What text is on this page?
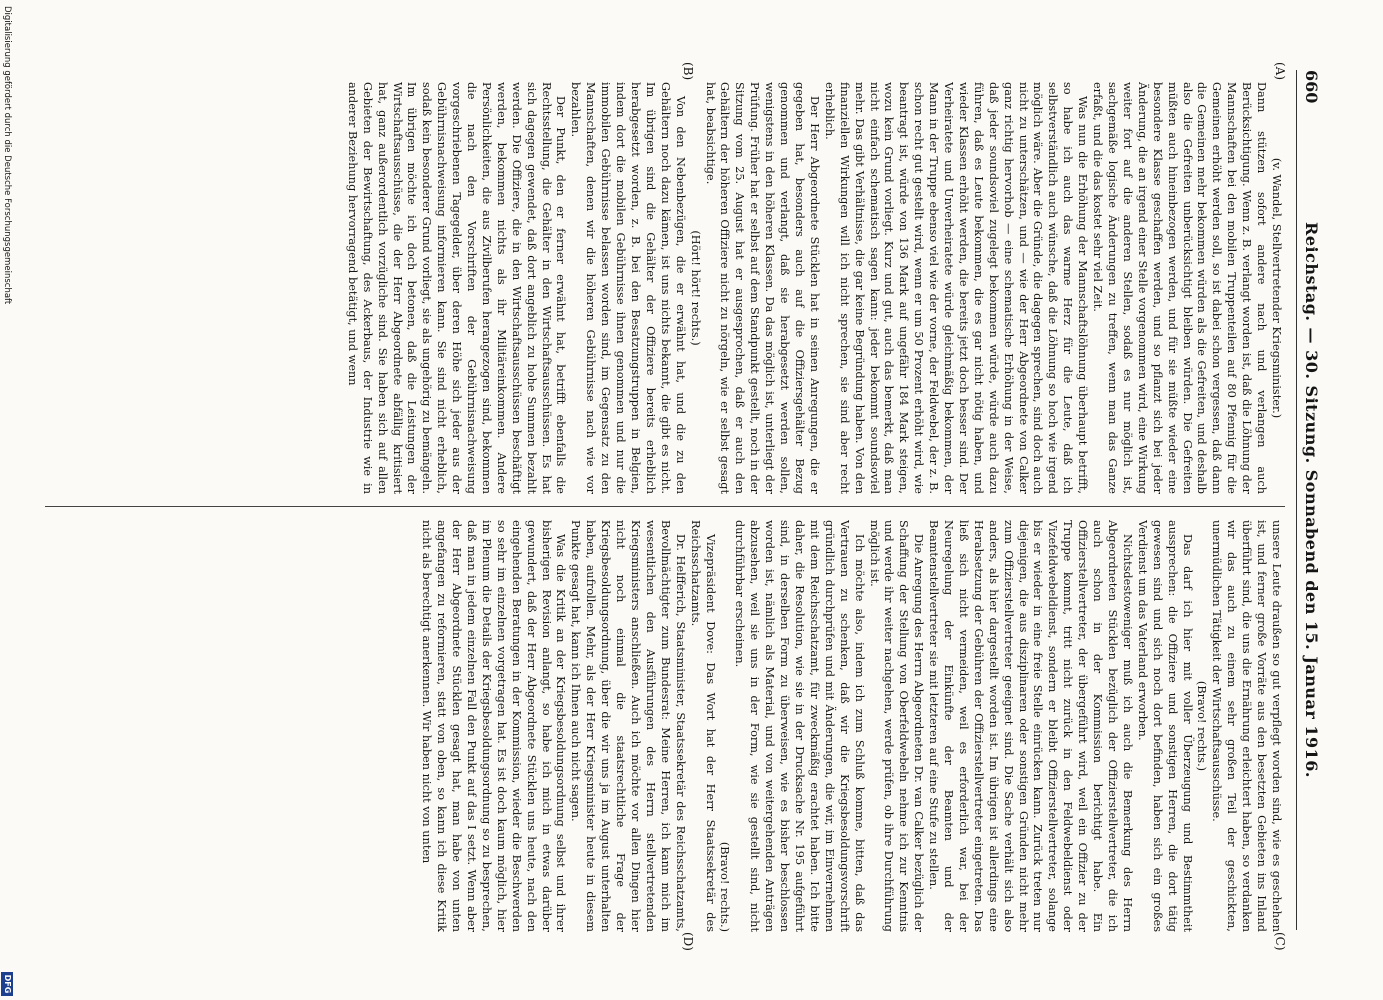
660
Reichstag. — 30. Sitzung. Sonnabend den 15. Januar 1916.
(A)
(B)
(C)
(D)

(v. Wandel, Stellvertretender Kriegsminister.)

Dann stützen sofort andere nach und verlangen auch Berücksichtigung. Wenn z. B. verlangt worden ist, daß die Löhnung der Mannschaften bei den mobilen Truppenteilen auf 80 Pfennig für die Gemeinen erhöht werden soll, so ist dabei schon vergessen, daß dann die Gemeinen mehr bekommen würden als die Gefreiten, und deshalb also die Gefreiten unberücksichtigt bleiben würden. Die Gefreiten müßten auch hineinbezogen werden, und für sie müßte wieder eine besondere Klasse geschaffen werden, und so pflanzt sich bei jeder Änderung, die an irgend einer Stelle vorgenommen wird, eine Wirkung weiter fort auf die anderen Stellen, sodaß es nur möglich ist, sachgemäße logische Änderungen zu treffen, wenn man das Ganze erfaßt, und die das kostet sehr viel Zeit.

Was nun die Erhöhung der Mannschaftslöhnung überhaupt betrifft, so habe ich auch das warme Herz für die Leute, daß ich selbstverständlich auch wünsche, daß die Löhnung so hoch wie irgend möglich wäre. Aber die Gründe, die dagegen sprechen, sind doch auch nicht zu unterschätzen, und — wie der Herr Abgeordnete von Calker ganz richtig hervorhob — eine schematische Erhöhung in der Weise, daß jeder soundsoviel zugelegt bekommen würde, würde auch dazu führen, daß es Leute bekommen, die es gar nicht nötig haben, und wieder Klassen erhöht werden, die bereits jetzt doch besser sind. Der Verheiratete und Unverheiratete würde gleichmäßig bekommen, der Mann in der Truppe ebenso viel wie der vorne, der Feldwebel, der z. B. schon recht gut gestellt wird, wenn er um 50 Prozent erhöht wird, wie beantragt ist, würde von 136 Mark auf ungefähr 184 Mark steigen, wozu kein Grund vorliegt. Kurz und gut, auch das bemerkt, daß man nicht einfach schematisch sagen kann: jeder bekommt soundsoviel mehr. Das gibt Verhältnisse, die gar keine Begründung haben. Von den finanziellen Wirkungen will ich nicht sprechen, sie sind aber recht erheblich.

Der Herr Abgeordnete Stücklen hat in seinen Anregungen, die er gegeben hat, besonders auch auf die Offiziersgehälter Bezug genommen und verlangt, daß sie herabgesetzt werden sollen, wenigstens in den höheren Klassen. Da das möglich ist, unterliegt der Prüfung. Früher hat er selbst auf dem Standpunkt gestellt, noch in der Sitzung vom 25. August hat er ausgesprochen, daß er auch den Gehältern der höheren Offiziere nicht zu nörgeln, wie er selbst gesagt hat, beabsichtige.

(Hört! hört! rechts.)

Von den Nebenbezügen, die er erwähnt hat, und die zu den Gehältern noch dazu kämen, ist uns nichts bekannt, die gibt es nicht. Im übrigen sind die Gehälter der Offiziere bereits erheblich herabgesetzt worden, z. B. bei den Besatzungstruppen in Belgien, indem dort die mobilen Gebührnisse ihnen genommen und nur die immobilen Gebührnisse belassen worden sind, im Gegensatz zu den Mannschaften, denen wir die höheren Gebührnisse nach wie vor bezahlen.

Der Punkt, den er ferner erwähnt hat, betrifft ebenfalls die Rechtsstellung, die Gehälter in den Wirtschaftsausschüssen. Es hat sich dagegen gewendet, daß dort angeblich zu hohe Summen bezahlt werden. Die Offiziere, die in den Wirtschaftsausschüssen beschäftigt werden, bekommen nichts als ihr Militäreinkommen. Andere Persönlichkeiten, die aus Zivilberufen herangezogen sind, bekommen die nach den Vorschriften der Gebührnisnachweisung vorgeschriebenen Tagegelder, über deren Höhe sich jeder aus der Gebührnisnachweisung informieren kann. Sie sind nicht erheblich, sodaß kein besonderer Grund vorliegt, sie als ungehörig zu bemängeln. Im übrigen möchte ich doch betonen, daß die Leistungen der Wirtschaftsausschüsse, die der Herr Abgeordnete abfällig kritisiert hat, ganz außerordentlich vorzügliche sind. Sie haben sich auf allen Gebieten der Bewirtschaftung, des Ackerbaus, der Industrie wie in anderer Beziehung hervorragend betätigt, und wenn

unsere Leute draußen so gut verpflegt worden sind, wie es geschehen ist, und ferner große Vorräte aus den besetzten Gebieten ins Inland überführt sind, die uns die Ernährung erleichtert haben, so verdanken wir das auch zu einem sehr großen Teil der geschickten, unermüdlichen Tätigkeit der Wirtschaftsausschüsse.

(Bravo! rechts.)

Das darf ich hier mit voller Überzeugung und Bestimmtheit aussprechen: die Offiziere und sonstigen Herren, die dort tätig gewesen sind und sich noch dort befinden, haben sich ein großes Verdienst um das Vaterland erworben.

Nichtsdestoweniger muß ich auch die Bemerkung des Herrn Abgeordneten Stücklen bezüglich der Offizierstellvertreter, die ich auch schon in der Kommission berichtigt habe. Ein Offizierstellvertreter, der übergeführt wird, weil ein Offizier zu der Truppe kommt, tritt nicht zurück in den Feldwebeldienst oder Vizefeldwebeldienst, sondern er bleibt Offizierstellvertreter, solange bis er wieder in eine freie Stelle einrücken kann. Zurück treten nur diejenigen, die aus disziplinaren oder sonstigen Gründen nicht mehr zum Offizierstellvertreter geeignet sind. Die Sache verhält sich also anders, als hier dargestellt worden ist. Im übrigen ist allerdings eine Herabsetzung der Gebühren der Offizierstellvertreter eingetreten. Das ließ sich nicht vermeiden, weil es erforderlich war, bei der Neuregelung der Einkünfte der Beamten und der Beamtenstellvertreter sie mit letzteren auf eine Stufe zu stellen.

Die Anregung des Herrn Abgeordneten Dr. van Calker bezüglich der Schaffung der Stellung von Oberfeldwebeln nehme ich zur Kenntnis und werde ihr weiter nachgehen, werde prüfen, ob ihre Durchführung möglich ist.

Ich möchte also, indem ich zum Schluß komme, bitten, daß das Vertrauen zu schenken, daß wir die Kriegsbesoldungsvorschrift gründlich durchprüfen und mit Änderungen, die wir, im Einvernehmen mit dem Reichsschatzamt, für zweckmäßig erachtet haben. Ich bitte daher, die Resolution, wie sie in der Drucksache Nr. 195 aufgeführt sind, in derselben Form zu überweisen, wie es bisher beschlossen worden ist, nämlich als Material, und von weitergehenden Anträgen abzusehen, weil sie uns in der Form, wie sie gestellt sind, nicht durchführbar erscheinen.

(Bravo! rechts.)

Vizepräsident Dove: Das Wort hat der Herr Staatssekretär des Reichsschatzamts.

Dr. Helfferich, Staatsminister, Staatssekretär des Reichsschatzamts, Bevollmächtigter zum Bundesrat: Meine Herren, ich kann mich im wesentlichen den Ausführungen des Herrn stellvertretenden Kriegsministers anschließen. Auch ich möchte vor allen Dingen hier nicht noch einmal die staatsrechtliche Frage der Kriegsbesoldungsordnung, über die wir uns ja im August unterhalten haben, aufrollen. Mehr, als der Herr Kriegsminister heute in diesem Punkte gesagt hat, kann ich Ihnen auch nicht sagen.

Was die Kritik an der Kriegsbesoldungsordnung selbst und ihrer bisherigen Revision anlangt, so habe ich mich in etwas darüber gewundert, daß der Herr Abgeordnete Stücklen uns heute, nach den eingehenden Beratungen in der Kommission, wieder die Beschwerden so sehr im einzelnen vorgetragen hat. Es ist doch kaum möglich, hier im Plenum die Details der Kriegsbesoldungsordnung so zu besprechen, daß man in jedem einzelnen Fall den Punkt auf das I setzt. Wenn aber der Herr Abgeordnete Stücklen gesagt hat, man habe von unten angefangen zu reformieren, statt von oben, so kann ich diese Kritik nicht als berechtigt anerkennen. Wir haben nicht von unten

Digitalisierung gefördert durch die Deutsche Forschungsgemeinschaft
DFG
